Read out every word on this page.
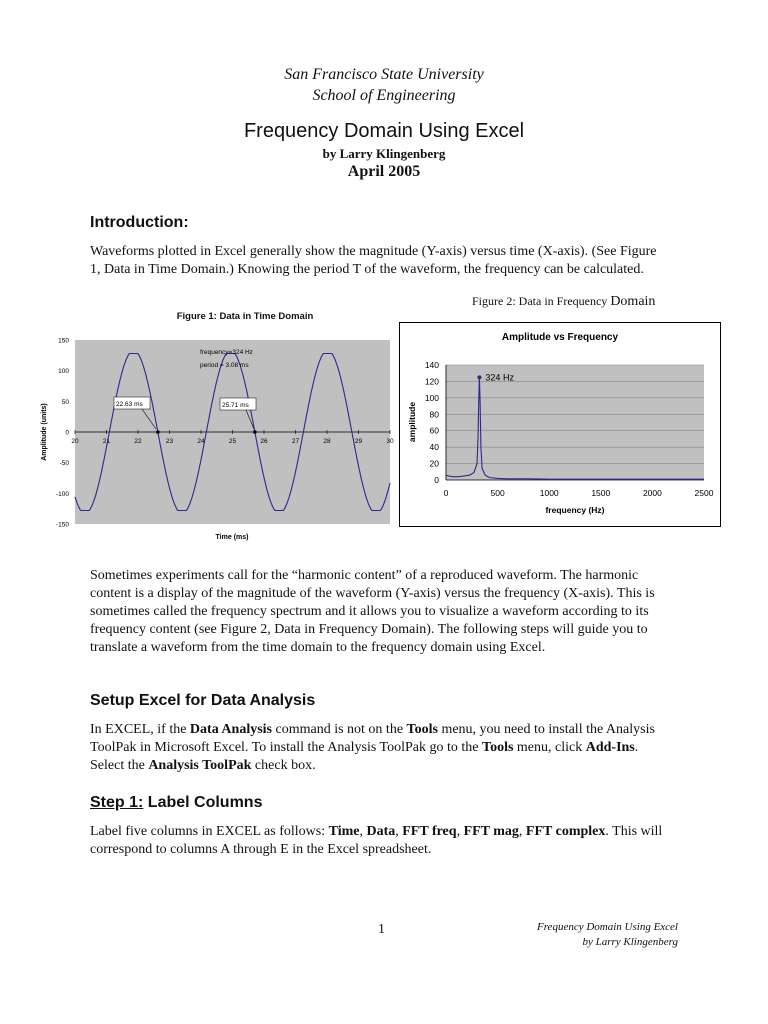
San Francisco State University
School of Engineering
Frequency Domain Using Excel
by Larry Klingenberg
April 2005
Introduction:
Waveforms plotted in Excel generally show the magnitude (Y-axis) versus time (X-axis). (See Figure 1, Data in Time Domain.) Knowing the period T of the waveform, the frequency can be calculated.
Figure 2: Data in Frequency Domain
Figure 1: Data in Time Domain
150
100
50
0
-50
-100
-150
20	21	22	23	24	25	26	27	28	29	30
frequency=324 Hz
period = 3.08 ms
22.63 ms	25.71 ms
Amplitude (units)
Time (ms)
Amplitude vs Frequency
140
120
100
80
60
40
20
0
0	500	1000	1500	2000	2500
324 Hz
amplitude
frequency (Hz)
Sometimes experiments call for the “harmonic content” of a reproduced waveform. The harmonic content is a display of the magnitude of the waveform (Y-axis) versus the frequency (X-axis). This is sometimes called the frequency spectrum and it allows you to visualize a waveform according to its frequency content (see Figure 2, Data in Frequency Domain). The following steps will guide you to translate a waveform from the time domain to the frequency domain using Excel.
Setup Excel for Data Analysis
In EXCEL, if the Data Analysis command is not on the Tools menu, you need to install the Analysis ToolPak in Microsoft Excel. To install the Analysis ToolPak go to the Tools menu, click Add-Ins. Select the Analysis ToolPak check box.
Step 1: Label Columns
Label five columns in EXCEL as follows: Time, Data, FFT freq, FFT mag, FFT complex. This will correspond to columns A through E in the Excel spreadsheet.
1	Frequency Domain Using Excel
by Larry Klingenberg
